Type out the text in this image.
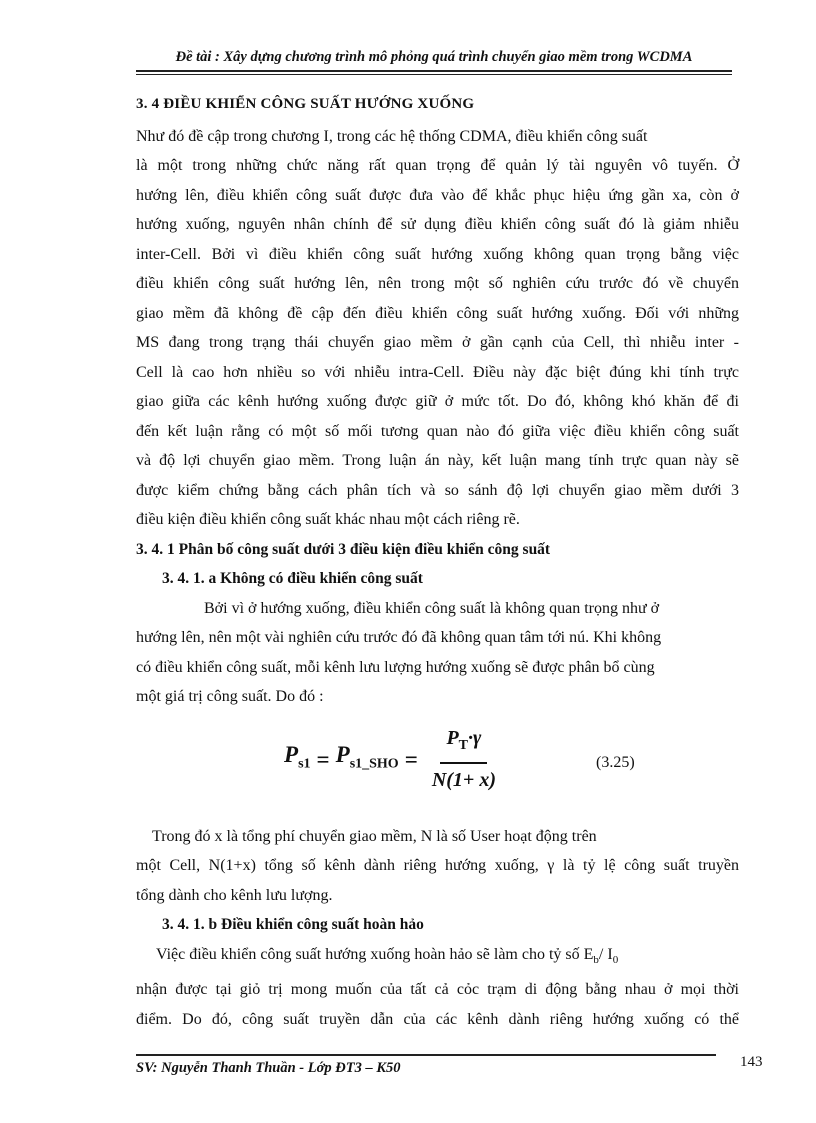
Đề tài : Xây dựng chương trình mô phỏng quá trình chuyển giao mềm trong WCDMA
3. 4 ĐIỀU KHIỂN CÔNG SUẤT HƯỚNG XUỐNG
Như đó đề cập trong chương I, trong các hệ thống CDMA, điều khiển công suất
là một trong những chức năng rất quan trọng để quản lý tài nguyên vô tuyến. Ở
hướng lên, điều khiển công suất được đưa vào để khắc phục hiệu ứng gần xa, còn ở
hướng xuống, nguyên nhân chính để sử dụng điều khiển công suất đó là giảm nhiễu
inter-Cell. Bởi vì điều khiển công suất hướng xuống không quan trọng bằng việc
điều khiển công suất hướng lên, nên trong một số nghiên cứu trước đó về chuyển
giao mềm đã không đề cập đến điều khiển công suất hướng xuống. Đối với những
MS đang trong trạng thái chuyển giao mềm ở gần cạnh của Cell, thì nhiễu inter -
Cell là cao hơn nhiều so với nhiễu intra-Cell. Điều này đặc biệt đúng khi tính trực
giao giữa các kênh hướng xuống được giữ ở mức tốt. Do đó, không khó khăn để đi
đến kết luận rằng có một số mối tương quan nào đó giữa việc điều khiển công suất
và độ lợi chuyển giao mềm. Trong luận án này, kết luận mang tính trực quan này sẽ
được kiểm chứng bằng cách phân tích và so sánh độ lợi chuyển giao mềm dưới 3
điều kiện điều khiển công suất khác nhau một cách riêng rẽ.
3. 4. 1 Phân bố công suất dưới 3 điều kiện điều khiển công suất
3. 4. 1. a Không có điều khiển công suất
Bởi vì ở hướng xuống, điều khiển công suất là không quan trọng như ở
hướng lên, nên một vài nghiên cứu trước đó đã không quan tâm tới nú. Khi không
có điều khiển công suất, mỗi kênh lưu lượng hướng xuống sẽ được phân bổ cùng
một giá trị công suất. Do đó :
$P_{s1} = P_{s1\_SHO} = \frac{P_T\cdot\gamma}{N(1+ x)}$	(3.25)
Trong đó x là tổng phí chuyển giao mềm, N là số User hoạt động trên
một Cell, N(1+x) tổng số kênh dành riêng hướng xuống, γ là tỷ lệ công suất truyền
tổng dành cho kênh lưu lượng.
3. 4. 1. b Điều khiển công suất hoàn hảo
Việc điều khiển công suất hướng xuống hoàn hảo sẽ làm cho tỷ số $E_b/$ $I_0$
nhận được tại giỏ trị mong muốn của tất cả cỏc trạm di động bằng nhau ở mọi thời
điểm. Do đó, công suất truyền dẫn của các kênh dành riêng hướng xuống có thể
SV: Nguyễn Thanh Thuần - Lớp ĐT3 – K50	143
